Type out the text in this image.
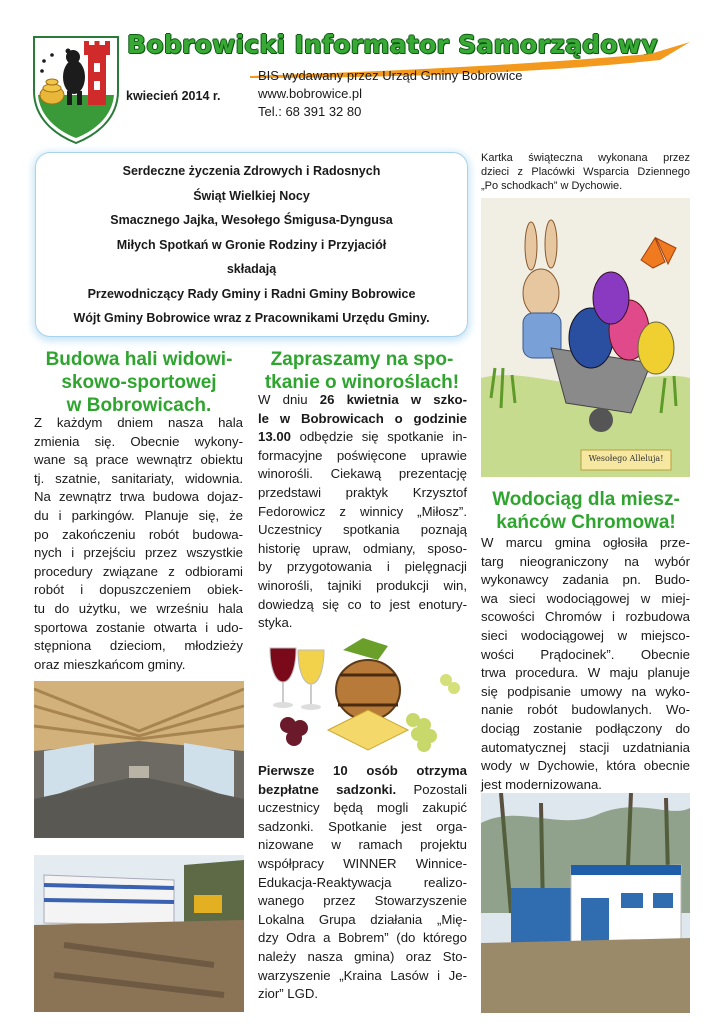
Bobrowicki Informator Samorządowy
kwiecień 2014 r.
BIS wydawany przez Urząd Gminy Bobrowice
www.bobrowice.pl
Tel.: 68 391 32 80
Serdeczne życzenia Zdrowych i Radosnych
Świąt Wielkiej Nocy
Smacznego Jajka, Wesołego Śmigusa-Dyngusa
Miłych Spotkań w Gronie Rodziny i Przyjaciół
składają
Przewodniczący Rady Gminy i Radni Gminy Bobrowice
Wójt Gminy Bobrowice wraz z Pracownikami Urzędu Gminy.
Kartka świąteczna wykonana przez
dzieci z Placówki Wsparcia Dziennego
„Po schodkach” w Dychowie.
Wesołego Alleluja!
Budowa hali widowi-
skowo-sportowej
w Bobrowicach.
Z każdym dniem nasza hala
zmienia się. Obecnie wykony-
wane są prace wewnątrz obiektu
tj. szatnie, sanitariaty, widownia.
Na zewnątrz trwa budowa dojaz-
du i parkingów. Planuje się, że
po zakończeniu robót budowa-
nych i przejściu przez wszystkie
procedury związane z odbiorami
robót i dopuszczeniem obiek-
tu do użytku, we wrześniu hala
sportowa zostanie otwarta i udo-
stępniona dzieciom, młodzieży
oraz mieszkańcom gminy.
Zapraszamy na spo-
tkanie o winoroślach!
W dniu 26 kwietnia w szko-
le w Bobrowicach o godzinie
13.00 odbędzie się spotkanie in-
formacyjne poświęcone uprawie
winorośli. Ciekawą prezentację
przedstawi praktyk Krzysztof
Fedorowicz z winnicy „Miłosz”.
Uczestnicy spotkania poznają
historię upraw, odmiany, sposo-
by przygotowania i pielęgnacji
winorośli, tajniki produkcji win,
dowiedzą się co to jest enotury-
styka.
Pierwsze 10 osób otrzyma
bezpłatne sadzonki. Pozostali
uczestnicy będą mogli zakupić
sadzonki. Spotkanie jest orga-
nizowane w ramach projektu
współpracy WINNER Winnice-
Edukacja-Reaktywacja realizo-
wanego przez Stowarzyszenie
Lokalna Grupa działania „Mię-
dzy Odra a Bobrem” (do którego
należy nasza gmina) oraz Sto-
warzyszenie „Kraina Lasów i Je-
zior” LGD.
Wodociąg dla miesz-
kańców Chromowa!
W marcu gmina ogłosiła prze-
targ nieograniczony na wybór
wykonawcy zadania pn. Budo-
wa sieci wodociągowej w miej-
scowości Chromów i rozbudowa
sieci wodociągowej w miejsco-
wości Prądocinek”. Obecnie
trwa procedura. W maju planuje
się podpisanie umowy na wyko-
nanie robót budowlanych. Wo-
dociąg zostanie podłączony do
automatycznej stacji uzdatniania
wody w Dychowie, która obecnie
jest modernizowana.
